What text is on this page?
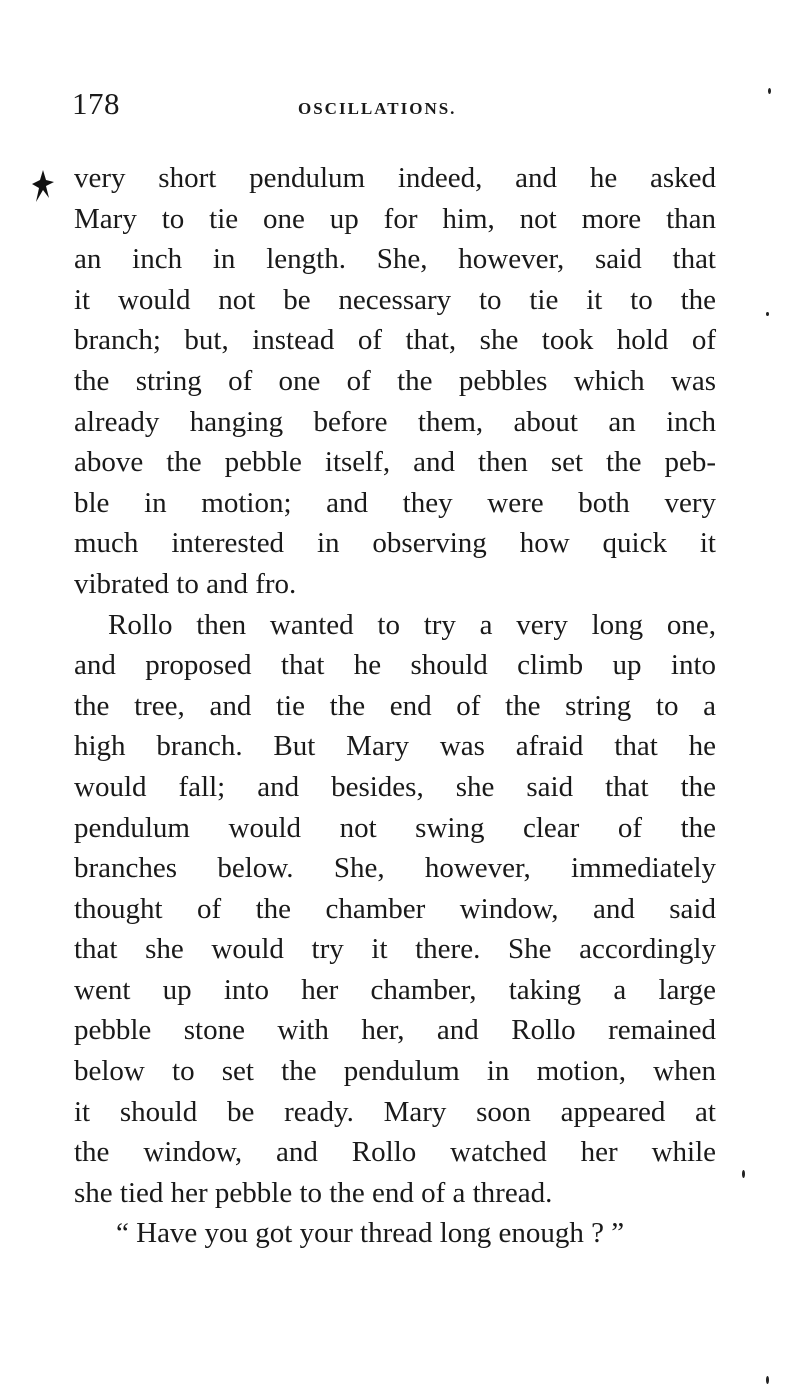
178	OSCILLATIONS.
very short pendulum indeed, and he asked
Mary to tie one up for him, not more than
an inch in length. She, however, said that
it would not be necessary to tie it to the
branch; but, instead of that, she took hold of
the string of one of the pebbles which was
already hanging before them, about an inch
above the pebble itself, and then set the peb-
ble in motion; and they were both very
much interested in observing how quick it
vibrated to and fro.
Rollo then wanted to try a very long one,
and proposed that he should climb up into
the tree, and tie the end of the string to a
high branch. But Mary was afraid that he
would fall; and besides, she said that the
pendulum would not swing clear of the
branches below. She, however, immediately
thought of the chamber window, and said
that she would try it there. She accordingly
went up into her chamber, taking a large
pebble stone with her, and Rollo remained
below to set the pendulum in motion, when
it should be ready. Mary soon appeared at
the window, and Rollo watched her while
she tied her pebble to the end of a thread.
“ Have you got your thread long enough ? ”
